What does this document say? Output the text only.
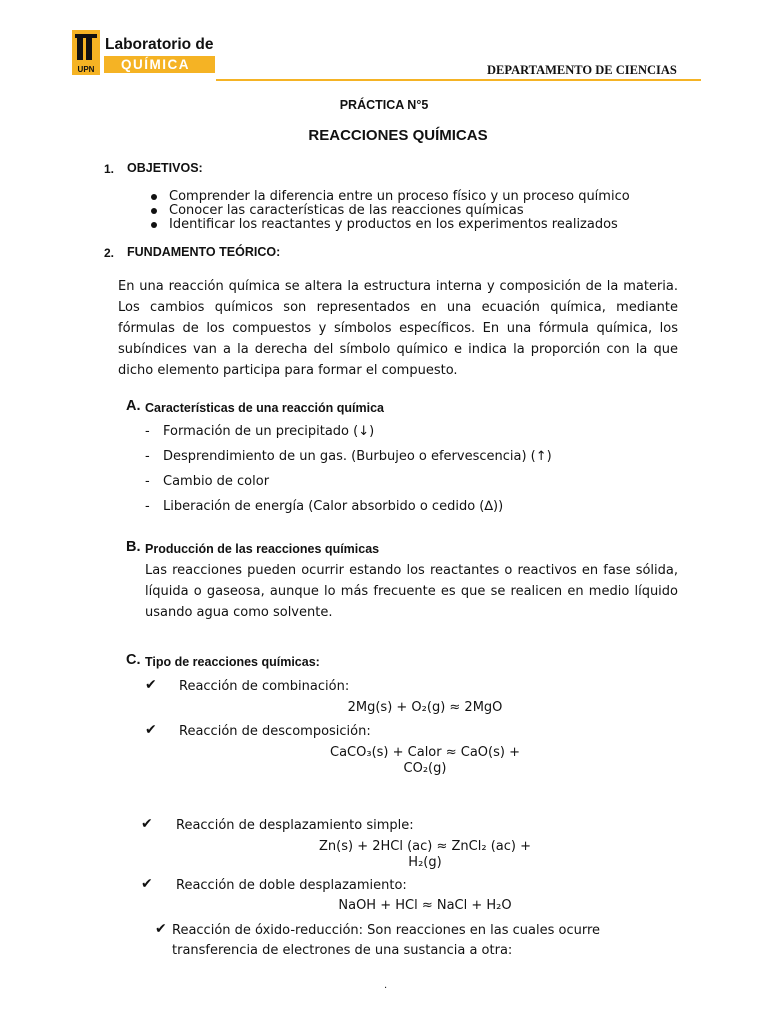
UPN
Laboratorio de
QUÍMICA	DEPARTAMENTO DE CIENCIAS
PRÁCTICA N°5
REACCIONES QUÍMICAS
1. OBJETIVOS:
Comprender la diferencia entre un proceso físico y un proceso químico
Conocer las características de las reacciones químicas
Identificar los reactantes y productos en los experimentos realizados
2. FUNDAMENTO TEÓRICO:
En una reacción química se altera la estructura interna y composición de la materia. Los cambios químicos son representados en una ecuación química, mediante fórmulas de los compuestos y símbolos específicos. En una fórmula química, los subíndices van a la derecha del símbolo químico e indica la proporción con la que dicho elemento participa para formar el compuesto.
A. Características de una reacción química
- Formación de un precipitado (↓)
- Desprendimiento de un gas. (Burbujeo o efervescencia) (↑)
- Cambio de color
- Liberación de energía (Calor absorbido o cedido (∆))
B. Producción de las reacciones químicas
Las reacciones pueden ocurrir estando los reactantes o reactivos en fase sólida, líquida o gaseosa, aunque lo más frecuente es que se realicen en medio líquido usando agua como solvente.
C. Tipo de reacciones químicas:
✔ Reacción de combinación:
2Mg(s) + O₂(g) ≈ 2MgO
✔ Reacción de descomposición:
CaCO₃(s) + Calor ≈ CaO(s) +
CO₂(g)
✔ Reacción de desplazamiento simple:
Zn(s) + 2HCl (ac) ≈ ZnCl₂ (ac) +
H₂(g)
✔ Reacción de doble desplazamiento:
NaOH + HCl ≈ NaCl + H₂O
✔ Reacción de óxido-reducción: Son reacciones en las cuales ocurre
transferencia de electrones de una sustancia a otra:
.
